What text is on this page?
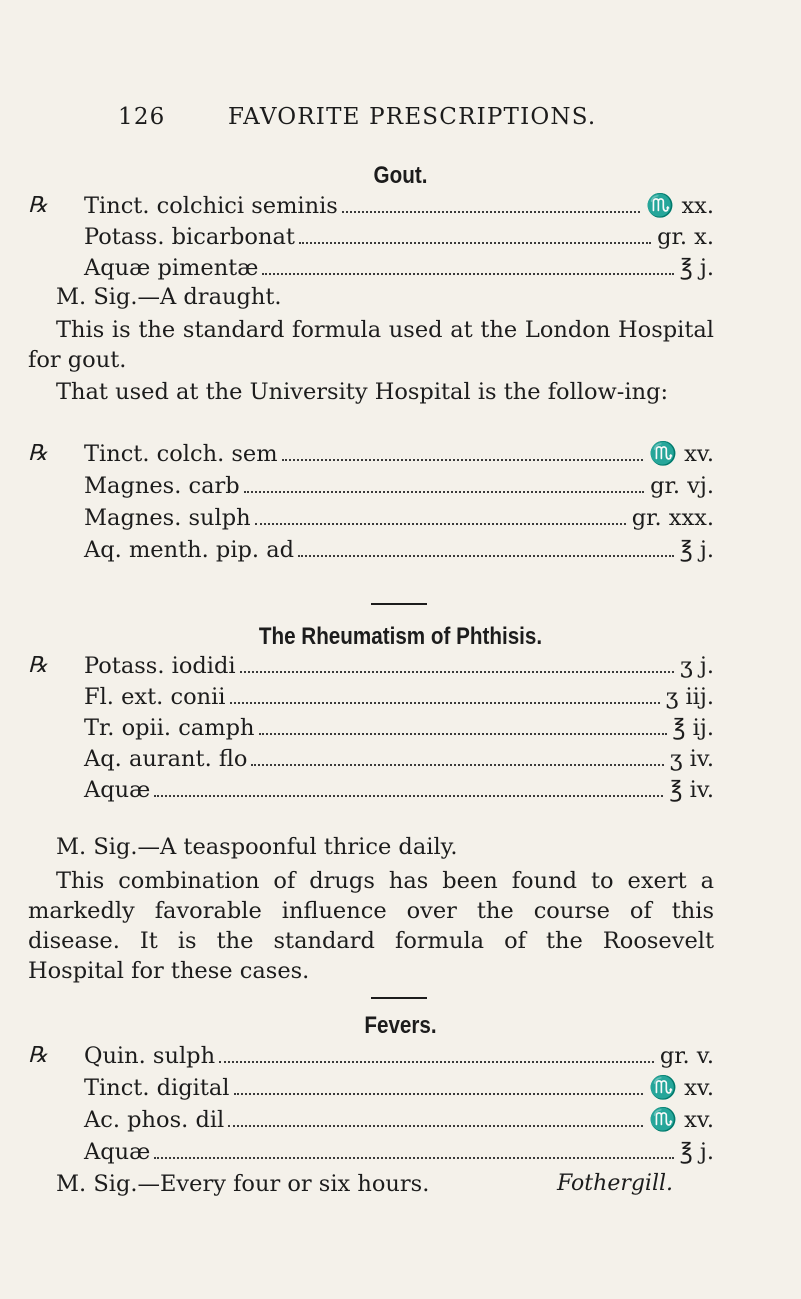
126	FAVORITE PRESCRIPTIONS.
Gout.
℞	Tinct. colchici seminis	♏ xx.
Potass. bicarbonat	gr. x.
Aquæ pimentæ	℥ j.
M. Sig.—A draught.
This is the standard formula used at the London Hospital for gout.
That used at the University Hospital is the follow-ing:
℞	Tinct. colch. sem	♏ xv.
Magnes. carb	gr. vj.
Magnes. sulph	gr. xxx.
Aq. menth. pip. ad	℥ j.
The Rheumatism of Phthisis.
℞	Potass. iodidi	ʒ j.
Fl. ext. conii	ʒ iij.
Tr. opii. camph	℥ ij.
Aq. aurant. flo	ʒ iv.
Aquæ	℥ iv.
M. Sig.—A teaspoonful thrice daily.
This combination of drugs has been found to exert a markedly favorable influence over the course of this disease. It is the standard formula of the Roosevelt Hospital for these cases.
Fevers.
℞	Quin. sulph	gr. v.
Tinct. digital	♏ xv.
Ac. phos. dil	♏ xv.
Aquæ	℥ j.
M. Sig.—Every four or six hours.	Fothergill.
